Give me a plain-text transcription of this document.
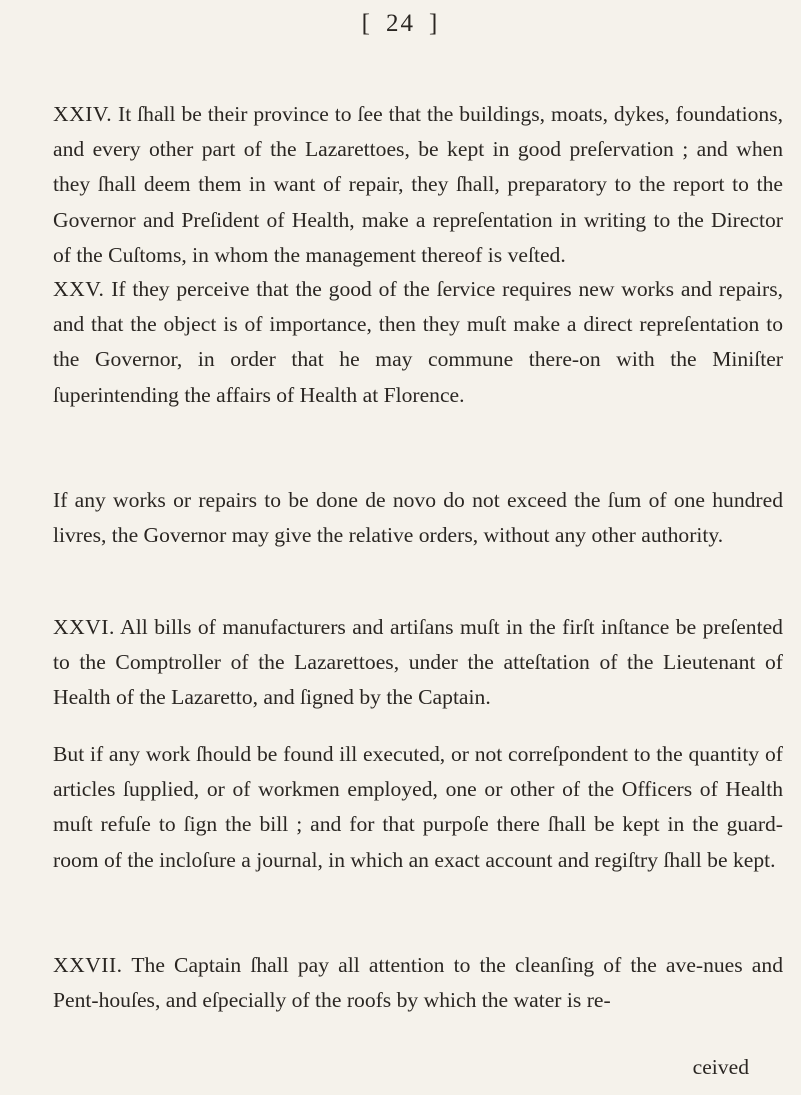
[ 24 ]

XXIV. It ſhall be their province to ſee that the buildings, moats, dykes, foundations, and every other part of the Lazarettoes, be kept in good preſervation ; and when they ſhall deem them in want of repair, they ſhall, preparatory to the report to the Governor and Preſident of Health, make a repreſentation in writing to the Director of the Cuſtoms, in whom the management thereof is veſted.

XXV. If they perceive that the good of the ſervice requires new works and repairs, and that the object is of importance, then they muſt make a direct repreſentation to the Governor, in order that he may commune there-on with the Miniſter ſuperintending the affairs of Health at Florence.

If any works or repairs to be done de novo do not exceed the ſum of one hundred livres, the Governor may give the relative orders, without any other authority.

XXVI. All bills of manufacturers and artiſans muſt in the firſt inſtance be preſented to the Comptroller of the Lazarettoes, under the atteſtation of the Lieutenant of Health of the Lazaretto, and ſigned by the Captain.

But if any work ſhould be found ill executed, or not correſpondent to the quantity of articles ſupplied, or of workmen employed, one or other of the Officers of Health muſt refuſe to ſign the bill ; and for that purpoſe there ſhall be kept in the guard-room of the incloſure a journal, in which an exact account and regiſtry ſhall be kept.

XXVII. The Captain ſhall pay all attention to the cleanſing of the ave-nues and Pent-houſes, and eſpecially of the roofs by which the water is re-

ceived
